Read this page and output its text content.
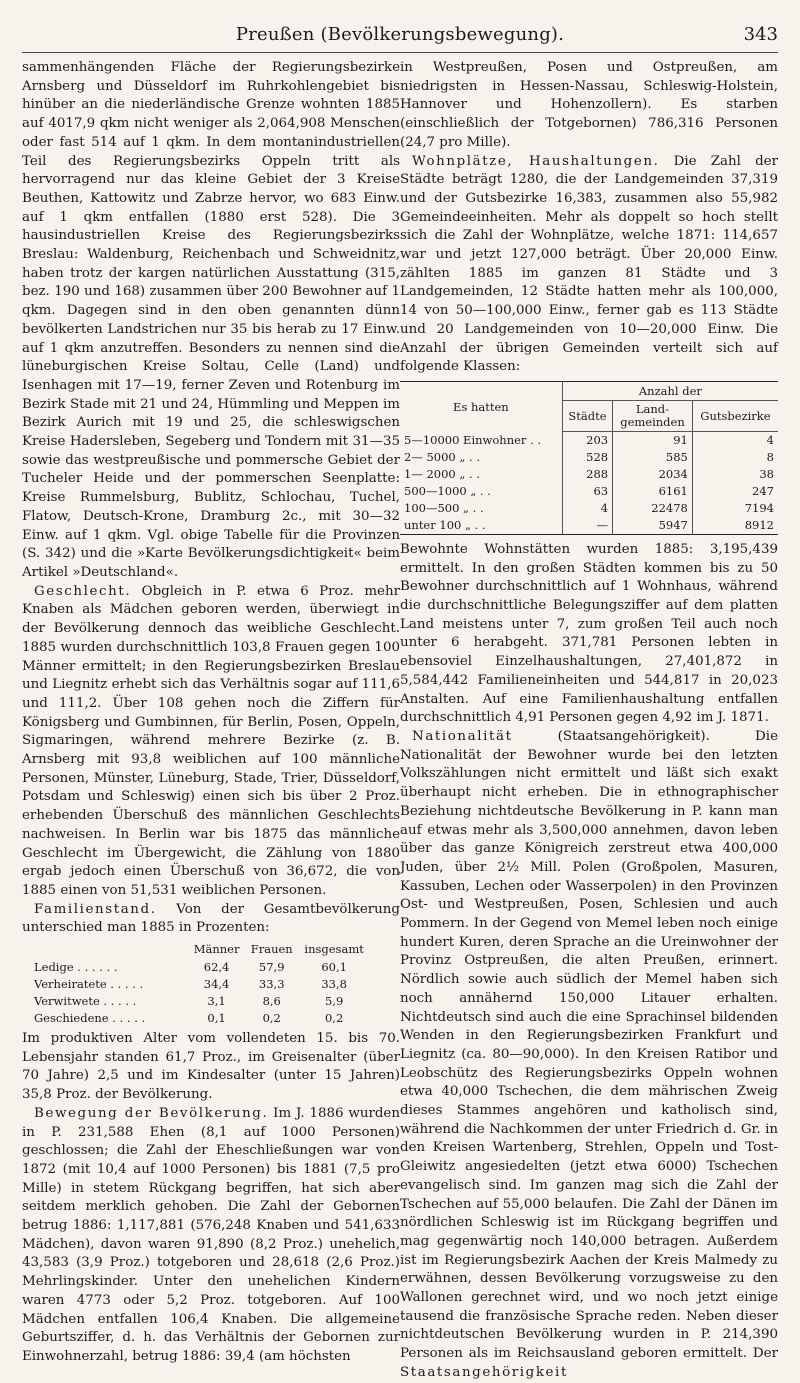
Preußen (Bevölkerungsbewegung).	343

sammenhängenden Fläche der Regierungsbezirke Arnsberg und Düsseldorf im Ruhrkohlengebiet bis hinüber an die niederländische Grenze wohnten 1885 auf 4017,9 qkm nicht weniger als 2,064,908 Menschen oder fast 514 auf 1 qkm. In dem montanindustriellen Teil des Regierungsbezirks Oppeln tritt als hervorragend nur das kleine Gebiet der 3 Kreise Beuthen, Kattowitz und Zabrze hervor, wo 683 Einw. auf 1 qkm entfallen (1880 erst 528). Die 3 hausindustriellen Kreise des Regierungsbezirks Breslau: Waldenburg, Reichenbach und Schweidnitz, haben trotz der kargen natürlichen Ausstattung (315, bez. 190 und 168) zusammen über 200 Bewohner auf 1 qkm. Dagegen sind in den oben genannten dünn bevölkerten Landstrichen nur 35 bis herab zu 17 Einw. auf 1 qkm anzutreffen. Besonders zu nennen sind die lüneburgischen Kreise Soltau, Celle (Land) und Isenhagen mit 17—19, ferner Zeven und Rotenburg im Bezirk Stade mit 21 und 24, Hümmling und Meppen im Bezirk Aurich mit 19 und 25, die schleswigschen Kreise Hadersleben, Segeberg und Tondern mit 31—35 sowie das westpreußische und pommersche Gebiet der Tucheler Heide und der pommerschen Seenplatte: Kreise Rummelsburg, Bublitz, Schlochau, Tuchel, Flatow, Deutsch-Krone, Dramburg 2c., mit 30—32 Einw. auf 1 qkm. Vgl. obige Tabelle für die Provinzen (S. 342) und die »Karte Bevölkerungsdichtigkeit« beim Artikel »Deutschland«.

Geschlecht. Obgleich in P. etwa 6 Proz. mehr Knaben als Mädchen geboren werden, überwiegt in der Bevölkerung dennoch das weibliche Geschlecht. 1885 wurden durchschnittlich 103,8 Frauen gegen 100 Männer ermittelt; in den Regierungsbezirken Breslau und Liegnitz erhebt sich das Verhältnis sogar auf 111,6 und 111,2. Über 108 gehen noch die Ziffern für Königsberg und Gumbinnen, für Berlin, Posen, Oppeln, Sigmaringen, während mehrere Bezirke (z. B. Arnsberg mit 93,8 weiblichen auf 100 männliche Personen, Münster, Lüneburg, Stade, Trier, Düsseldorf, Potsdam und Schleswig) einen sich bis über 2 Proz. erhebenden Überschuß des männlichen Geschlechts nachweisen. In Berlin war bis 1875 das männliche Geschlecht im Übergewicht, die Zählung von 1880 ergab jedoch einen Überschuß von 36,672, die von 1885 einen von 51,531 weiblichen Personen.

Familienstand. Von der Gesamtbevölkerung unterschied man 1885 in Prozenten:

	Männer	Frauen	insgesamt
Ledige . . . . . .	62,4	57,9	60,1
Verheiratete . . . . .	34,4	33,3	33,8
Verwitwete . . . . .	3,1	8,6	5,9
Geschiedene . . . . .	0,1	0,2	0,2

Im produktiven Alter vom vollendeten 15. bis 70. Lebensjahr standen 61,7 Proz., im Greisenalter (über 70 Jahre) 2,5 und im Kindesalter (unter 15 Jahren) 35,8 Proz. der Bevölkerung.

Bewegung der Bevölkerung. Im J. 1886 wurden in P. 231,588 Ehen (8,1 auf 1000 Personen) geschlossen; die Zahl der Eheschließungen war von 1872 (mit 10,4 auf 1000 Personen) bis 1881 (7,5 pro Mille) in stetem Rückgang begriffen, hat sich aber seitdem merklich gehoben. Die Zahl der Gebornen betrug 1886: 1,117,881 (576,248 Knaben und 541,633 Mädchen), davon waren 91,890 (8,2 Proz.) unehelich, 43,583 (3,9 Proz.) totgeboren und 28,618 (2,6 Proz.) Mehrlingskinder. Unter den unehelichen Kindern waren 4773 oder 5,2 Proz. totgeboren. Auf 100 Mädchen entfallen 106,4 Knaben. Die allgemeine Geburtsziffer, d. h. das Verhältnis der Gebornen zur Einwohnerzahl, betrug 1886: 39,4 (am höchsten

in Westpreußen, Posen und Ostpreußen, am niedrigsten in Hessen-Nassau, Schleswig-Holstein, Hannover und Hohenzollern). Es starben (einschließlich der Totgebornen) 786,316 Personen (24,7 pro Mille).

Wohnplätze, Haushaltungen. Die Zahl der Städte beträgt 1280, die der Landgemeinden 37,319 und der Gutsbezirke 16,383, zusammen also 55,982 Gemeindeeinheiten. Mehr als doppelt so hoch stellt sich die Zahl der Wohnplätze, welche 1871: 114,657 war und jetzt 127,000 beträgt. Über 20,000 Einw. zählten 1885 im ganzen 81 Städte und 3 Landgemeinden, 12 Städte hatten mehr als 100,000, 14 von 50—100,000 Einw., ferner gab es 113 Städte und 20 Landgemeinden von 10—20,000 Einw. Die Anzahl der übrigen Gemeinden verteilt sich auf folgende Klassen:

Es hatten	Anzahl der		
	Städte	Land-
gemeinden	Gutsbezirke
5—10000 Einwohner . .	203	91	4
2— 5000 „ . .	528	585	8
1— 2000 „ . .	288	2034	38
500—1000 „ . .	63	6161	247
100—500 „ . .	4	22478	7194
unter 100 „ . .	—	5947	8912

Bewohnte Wohnstätten wurden 1885: 3,195,439 ermittelt. In den großen Städten kommen bis zu 50 Bewohner durchschnittlich auf 1 Wohnhaus, während die durchschnittliche Belegungsziffer auf dem platten Land meistens unter 7, zum großen Teil auch noch unter 6 herabgeht. 371,781 Personen lebten in ebensoviel Einzelhaushaltungen, 27,401,872 in 5,584,442 Familieneinheiten und 544,817 in 20,023 Anstalten. Auf eine Familienhaushaltung entfallen durchschnittlich 4,91 Personen gegen 4,92 im J. 1871.

Nationalität (Staatsangehörigkeit). Die Nationalität der Bewohner wurde bei den letzten Volkszählungen nicht ermittelt und läßt sich exakt überhaupt nicht erheben. Die in ethnographischer Beziehung nichtdeutsche Bevölkerung in P. kann man auf etwas mehr als 3,500,000 annehmen, davon leben über das ganze Königreich zerstreut etwa 400,000 Juden, über 2½ Mill. Polen (Großpolen, Masuren, Kassuben, Lechen oder Wasserpolen) in den Provinzen Ost- und Westpreußen, Posen, Schlesien und auch Pommern. In der Gegend von Memel leben noch einige hundert Kuren, deren Sprache an die Ureinwohner der Provinz Ostpreußen, die alten Preußen, erinnert. Nördlich sowie auch südlich der Memel haben sich noch annähernd 150,000 Litauer erhalten. Nichtdeutsch sind auch die eine Sprachinsel bildenden Wenden in den Regierungsbezirken Frankfurt und Liegnitz (ca. 80—90,000). In den Kreisen Ratibor und Leobschütz des Regierungsbezirks Oppeln wohnen etwa 40,000 Tschechen, die dem mährischen Zweig dieses Stammes angehören und katholisch sind, während die Nachkommen der unter Friedrich d. Gr. in den Kreisen Wartenberg, Strehlen, Oppeln und Tost-Gleiwitz angesiedelten (jetzt etwa 6000) Tschechen evangelisch sind. Im ganzen mag sich die Zahl der Tschechen auf 55,000 belaufen. Die Zahl der Dänen im nördlichen Schleswig ist im Rückgang begriffen und mag gegenwärtig noch 140,000 betragen. Außerdem ist im Regierungsbezirk Aachen der Kreis Malmedy zu erwähnen, dessen Bevölkerung vorzugsweise zu den Wallonen gerechnet wird, und wo noch jetzt einige tausend die französische Sprache reden. Neben dieser nichtdeutschen Bevölkerung wurden in P. 214,390 Personen als im Reichsausland geboren ermittelt. Der Staatsangehörigkeit
